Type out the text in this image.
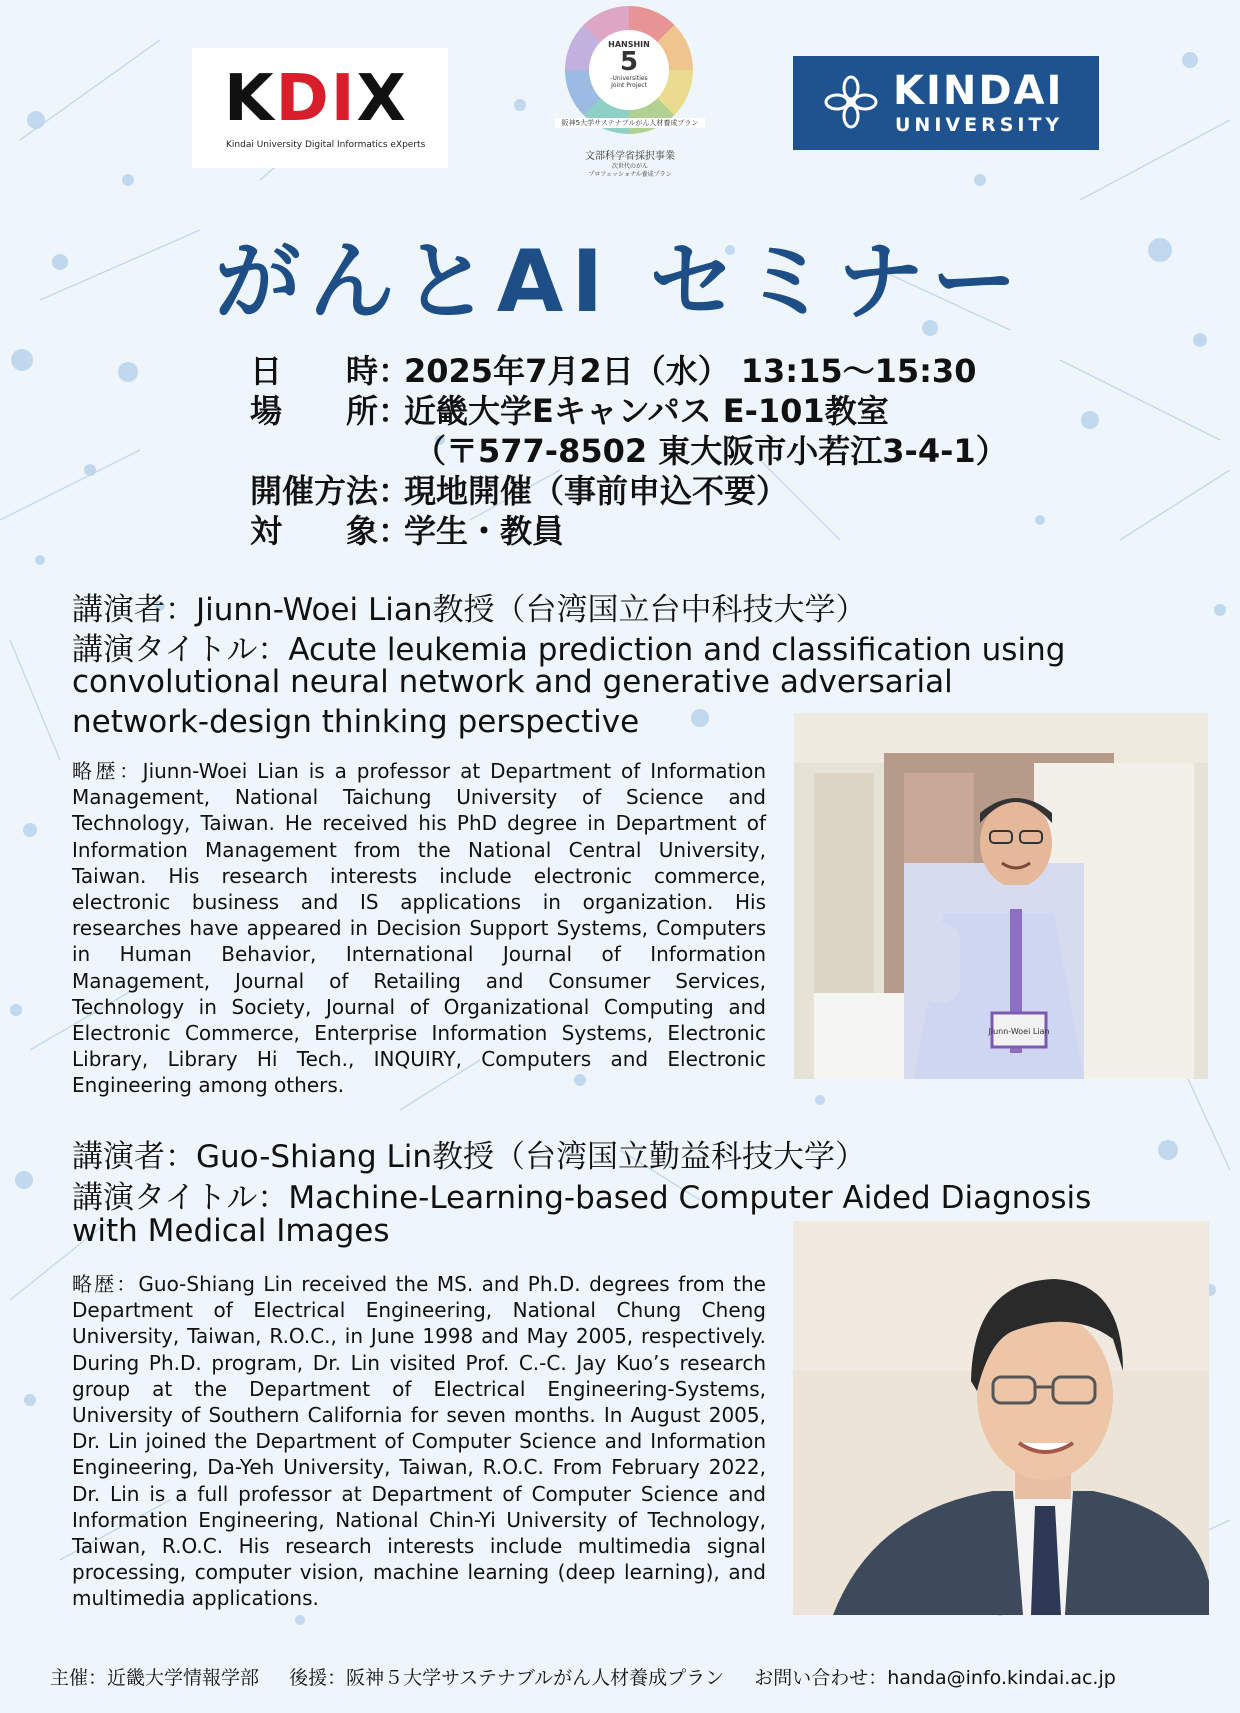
KDIX
Kindai University Digital Informatics eXperts
HANSHIN
5
-Universities
Joint Project
阪神5大学サステナブルがん人材養成プラン
文部科学省採択事業
次世代のがん
プロフェッショナル養成プラン
KINDAI
UNIVERSITY
がんとAI セミナー
日　　時：2025年7月2日（水） 13:15～15:30
場　　所：近畿大学Eキャンパス E-101教室
（〒577-8502 東大阪市小若江3-4-1）
開催方法：現地開催（事前申込不要）
対　　象：学生・教員
講演者：Jiunn-Woei Lian教授（台湾国立台中科技大学）
講演タイトル：Acute leukemia prediction and classification using
convolutional neural network and generative adversarial
network-design thinking perspective
略歴：Jiunn-Woei Lian is a professor at Department of Information Management, National Taichung University of Science and Technology, Taiwan. He received his PhD degree in Department of Information Management from the National Central University, Taiwan. His research interests include electronic commerce, electronic business and IS applications in organization. His researches have appeared in Decision Support Systems, Computers in Human Behavior, International Journal of Information Management, Journal of Retailing and Consumer Services, Technology in Society, Journal of Organizational Computing and Electronic Commerce, Enterprise Information Systems, Electronic Library, Library Hi Tech., INQUIRY, Computers and Electronic Engineering among others.
Jiunn-Woei Lian
講演者：Guo-Shiang Lin教授（台湾国立勤益科技大学）
講演タイトル：Machine-Learning-based Computer Aided Diagnosis
with Medical Images
略歴：Guo-Shiang Lin received the MS. and Ph.D. degrees from the Department of Electrical Engineering, National Chung Cheng University, Taiwan, R.O.C., in June 1998 and May 2005, respectively. During Ph.D. program, Dr. Lin visited Prof. C.-C. Jay Kuo’s research group at the Department of Electrical Engineering-Systems, University of Southern California for seven months. In August 2005, Dr. Lin joined the Department of Computer Science and Information Engineering, Da-Yeh University, Taiwan, R.O.C. From February 2022, Dr. Lin is a full professor at Department of Computer Science and Information Engineering, National Chin-Yi University of Technology, Taiwan, R.O.C. His research interests include multimedia signal processing, computer vision, machine learning (deep learning), and multimedia applications.
主催：近畿大学情報学部 後援：阪神５大学サステナブルがん人材養成プラン お問い合わせ：handa@info.kindai.ac.jp
